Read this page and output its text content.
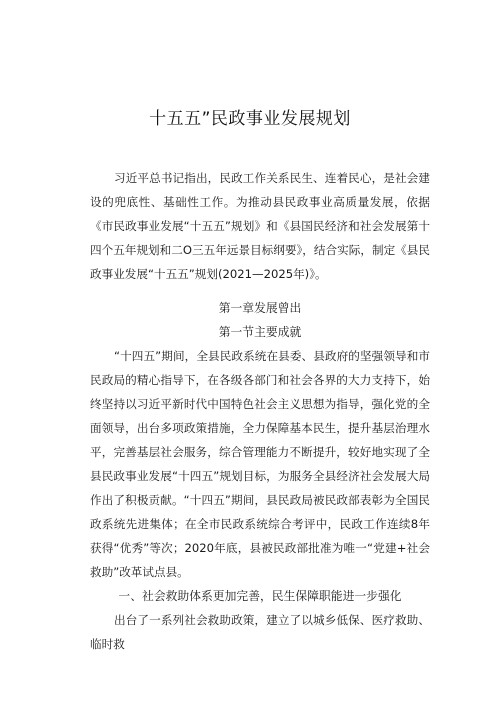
十五五”民政事业发展规划

习近平总书记指出，民政工作关系民生、连着民心，是社会建设的兜底性、基础性工作。为推动县民政事业高质量发展，依据《市民政事业发展“十五五”规划》和《县国民经济和社会发展第十四个五年规划和二O三五年远景目标纲要》，结合实际，制定《县民政事业发展“十五五”规划(2021—2025年)》。

第一章发展曾出

第一节主要成就

“十四五”期间，全县民政系统在县委、县政府的坚强领导和市民政局的精心指导下，在各级各部门和社会各界的大力支持下，始终坚持以习近平新时代中国特色社会主义思想为指导，强化党的全面领导，出台多项政策措施，全力保障基本民生，提升基层治理水平，完善基层社会服务，综合管理能力不断提升，较好地实现了全县民政事业发展“十四五”规划目标，为服务全县经济社会发展大局作出了积极贡献。“十四五”期间，县民政局被民政部表彰为全国民政系统先进集体；在全市民政系统综合考评中，民政工作连续8年获得“优秀”等次；2020年底，县被民政部批准为唯一“党建+社会救助”改革试点县。

一、社会救助体系更加完善，民生保障职能进一步强化

出台了一系列社会救助政策，建立了以城乡低保、医疗救助、临时救
